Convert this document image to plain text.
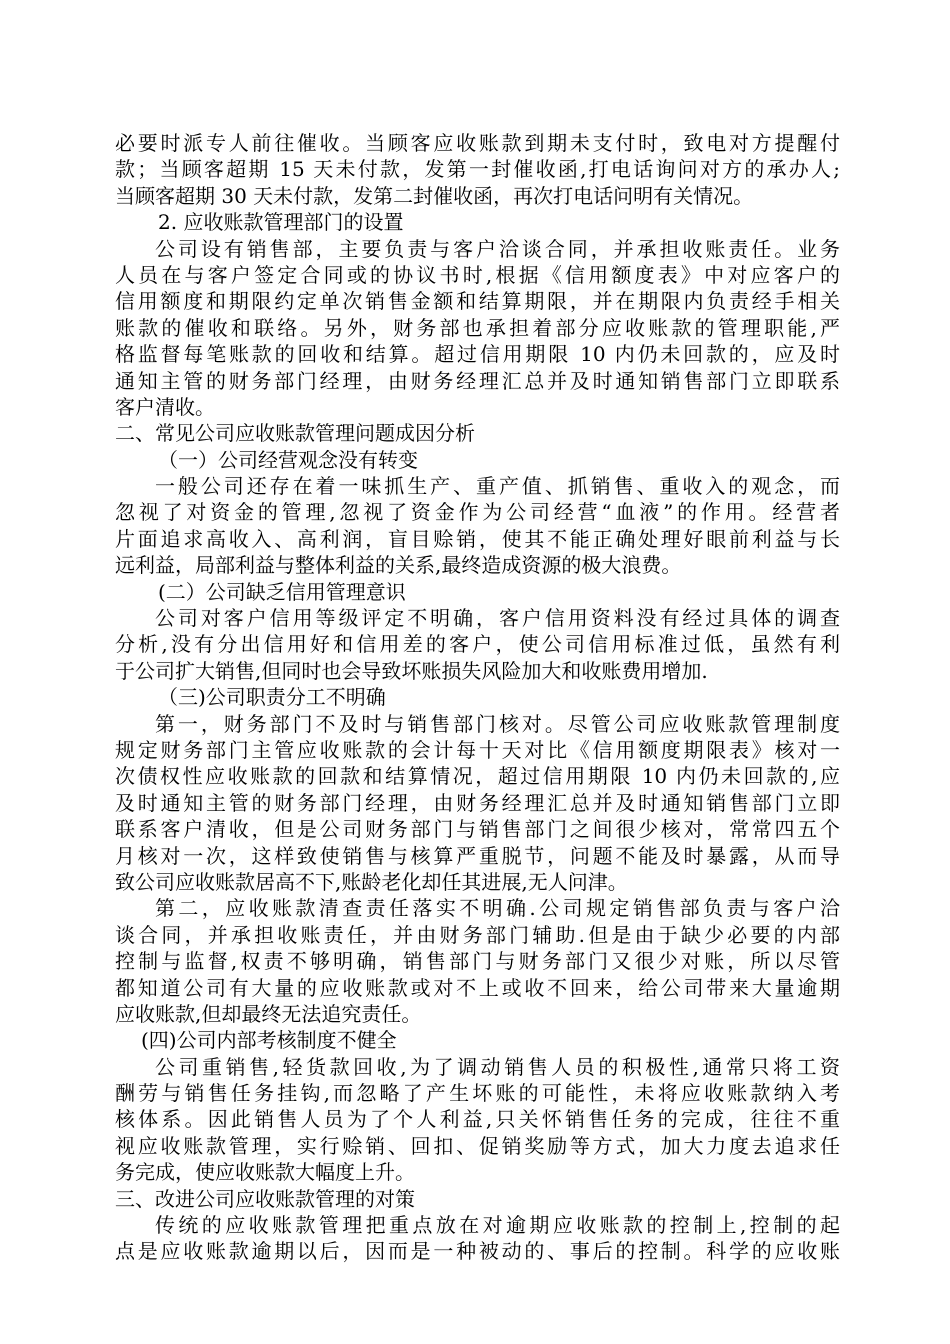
必要时派专人前往催收。当顾客应收账款到期未支付时，致电对方提醒付
款；当顾客超期 15 天未付款，发第一封催收函,打电话询问对方的承办人;
当顾客超期 30 天未付款，发第二封催收函，再次打电话问明有关情况。
2. 应收账款管理部门的设置
公司设有销售部，主要负责与客户洽谈合同，并承担收账责任。业务
人员在与客户签定合同或的协议书时,根据《信用额度表》中对应客户的
信用额度和期限约定单次销售金额和结算期限，并在期限内负责经手相关
账款的催收和联络。另外，财务部也承担着部分应收账款的管理职能,严
格监督每笔账款的回收和结算。超过信用期限 10 内仍未回款的，应及时
通知主管的财务部门经理，由财务经理汇总并及时通知销售部门立即联系
客户清收。
二、常见公司应收账款管理问题成因分析
（一）公司经营观念没有转变
一般公司还存在着一味抓生产、重产值、抓销售、重收入的观念，而
忽视了对资金的管理,忽视了资金作为公司经营“血液”的作用。经营者
片面追求高收入、高利润，盲目赊销，使其不能正确处理好眼前利益与长
远利益，局部利益与整体利益的关系,最终造成资源的极大浪费。
(二）公司缺乏信用管理意识
公司对客户信用等级评定不明确，客户信用资料没有经过具体的调查
分析,没有分出信用好和信用差的客户，使公司信用标准过低，虽然有利
于公司扩大销售,但同时也会导致坏账损失风险加大和收账费用增加.
（三)公司职责分工不明确
第一，财务部门不及时与销售部门核对。尽管公司应收账款管理制度
规定财务部门主管应收账款的会计每十天对比《信用额度期限表》核对一
次债权性应收账款的回款和结算情况，超过信用期限 10 内仍未回款的,应
及时通知主管的财务部门经理，由财务经理汇总并及时通知销售部门立即
联系客户清收，但是公司财务部门与销售部门之间很少核对，常常四五个
月核对一次，这样致使销售与核算严重脱节，问题不能及时暴露，从而导
致公司应收账款居高不下,账龄老化却任其进展,无人问津。
第二，应收账款清查责任落实不明确.公司规定销售部负责与客户洽
谈合同，并承担收账责任，并由财务部门辅助.但是由于缺少必要的内部
控制与监督,权责不够明确，销售部门与财务部门又很少对账，所以尽管
都知道公司有大量的应收账款或对不上或收不回来，给公司带来大量逾期
应收账款,但却最终无法追究责任。
(四)公司内部考核制度不健全
公司重销售,轻货款回收,为了调动销售人员的积极性,通常只将工资
酬劳与销售任务挂钩,而忽略了产生坏账的可能性，未将应收账款纳入考
核体系。因此销售人员为了个人利益,只关怀销售任务的完成，往往不重
视应收账款管理，实行赊销、回扣、促销奖励等方式，加大力度去追求任
务完成，使应收账款大幅度上升。
三、改进公司应收账款管理的对策
传统的应收账款管理把重点放在对逾期应收账款的控制上,控制的起
点是应收账款逾期以后，因而是一种被动的、事后的控制。科学的应收账
